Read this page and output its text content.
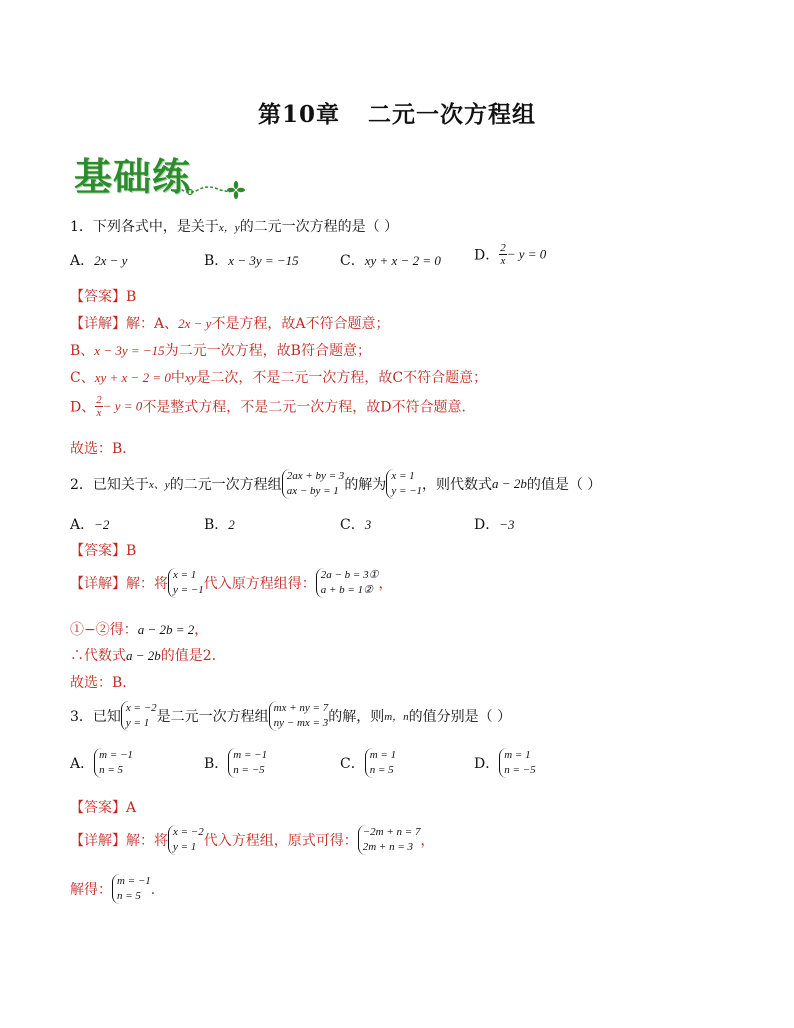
第10章 二元一次方程组
基础练
1．下列各式中，是关于x，y的二元一次方程的是（ ）
A．2x − y	B．x − 3y = −15	C．xy + x − 2 = 0 D． $\frac{2}{x} - y = 0$
【答案】B
【详解】解：A、2x − y不是方程，故A不符合题意；
B、x − 3y = −15为二元一次方程，故B符合题意；
C、xy + x − 2 = 0中xy是二次，不是二元一次方程，故C不符合题意；
D、 $\frac{2}{x} - y = 0$不是整式方程，不是二元一次方程，故D不符合题意．
故选：B．
2．已知关于x、y的二元一次方程组
2ax + by = 3
ax − by = 1 的解为
x = 1
y = −1 ，则代数式a − 2b的值是（ ）
A．−2	B．2	C．3	D．−3
【答案】B
【详解】解：将
x = 1
y = −1 代入原方程组得：
2a − b = 3①
a + b = 1② ，
①−②得：a − 2b = 2，
∴代数式a − 2b的值是2．
故选：B．
3．已知
x = −2
y = 1 是二元一次方程组
mx + ny = 7
ny − mx = 3 的解，则m，n的值分别是（ ）
A．
m = −1
n = 5	B．
m = −1
n = −5	C．
m = 1
n = 5	D．
m = 1
n = −5
【答案】A
【详解】解：将
x = −2
y = 1 代入方程组，原式可得：
−2m + n = 7
2m + n = 3 ，
解得：
m = −1
n = 5 ．
